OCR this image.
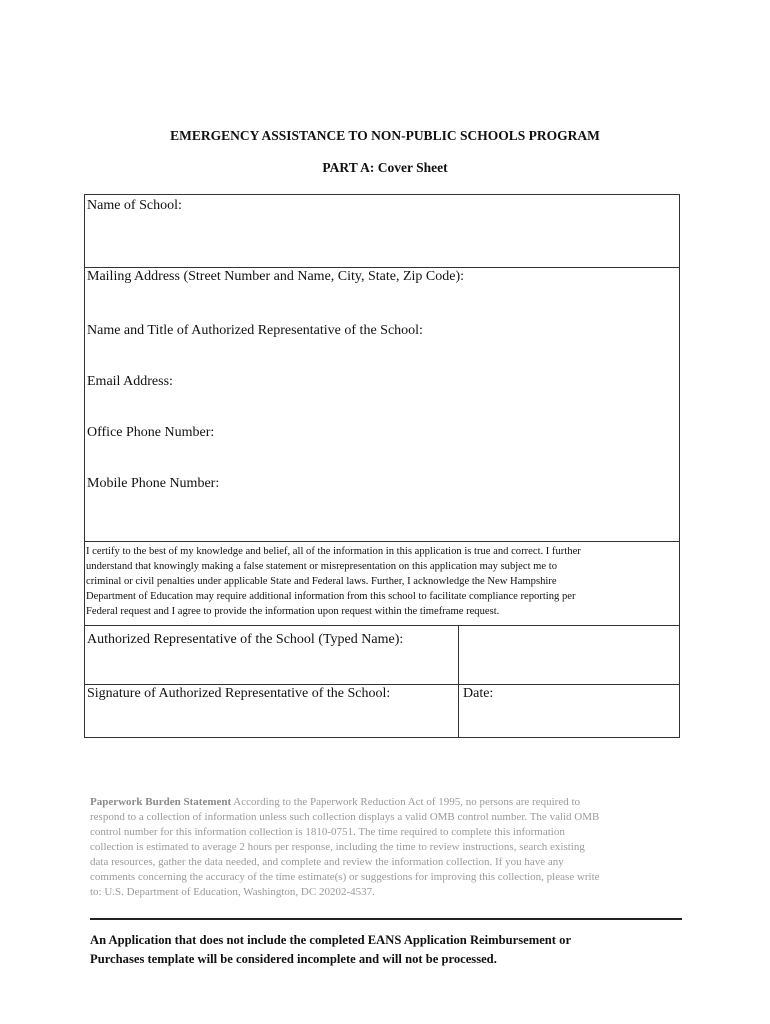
EMERGENCY ASSISTANCE TO NON-PUBLIC SCHOOLS PROGRAM
PART A: Cover Sheet
Name of School:
Mailing Address (Street Number and Name, City, State, Zip Code):
Name and Title of Authorized Representative of the School:
Email Address:
Office Phone Number:
Mobile Phone Number:
I certify to the best of my knowledge and belief, all of the information in this application is true and correct. I further
understand that knowingly making a false statement or misrepresentation on this application may subject me to
criminal or civil penalties under applicable State and Federal laws. Further, I acknowledge the New Hampshire
Department of Education may require additional information from this school to facilitate compliance reporting per
Federal request and I agree to provide the information upon request within the timeframe request.
Authorized Representative of the School (Typed Name):
Signature of Authorized Representative of the School:	Date:
Paperwork Burden Statement According to the Paperwork Reduction Act of 1995, no persons are required to
respond to a collection of information unless such collection displays a valid OMB control number. The valid OMB
control number for this information collection is 1810-0751. The time required to complete this information
collection is estimated to average 2 hours per response, including the time to review instructions, search existing
data resources, gather the data needed, and complete and review the information collection. If you have any
comments concerning the accuracy of the time estimate(s) or suggestions for improving this collection, please write
to: U.S. Department of Education, Washington, DC 20202-4537.
An Application that does not include the completed EANS Application Reimbursement or
Purchases template will be considered incomplete and will not be processed.
